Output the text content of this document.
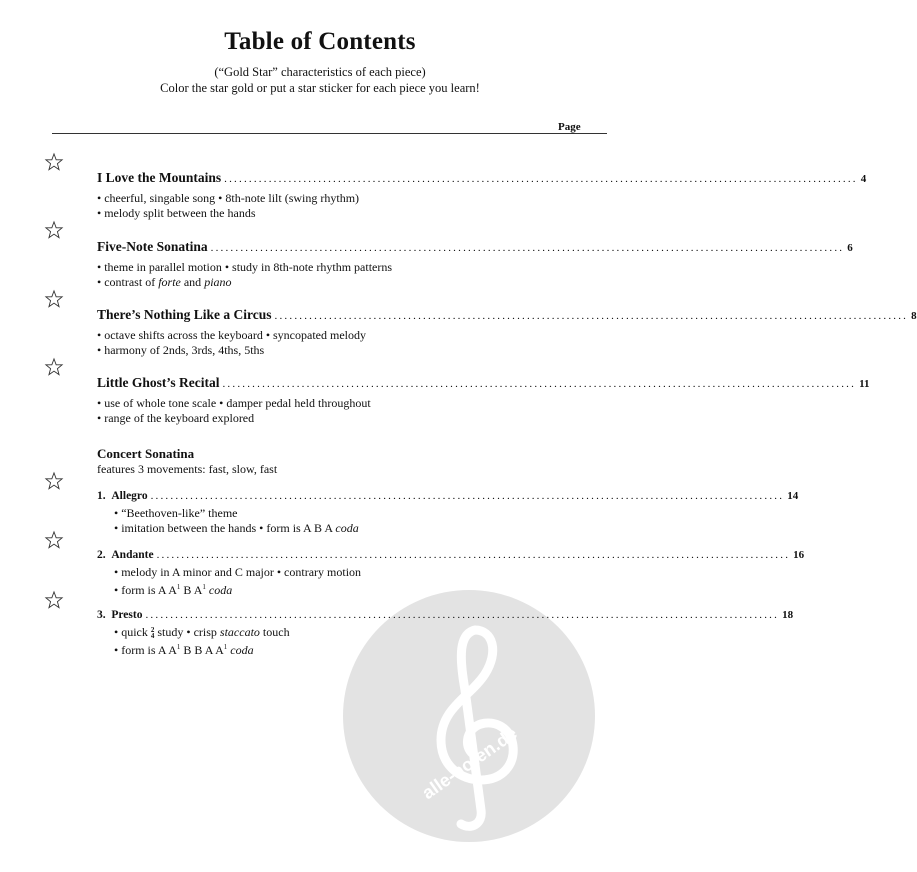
Table of Contents
(“Gold Star” characteristics of each piece)
Color the star gold or put a star sticker for each piece you learn!
Page
alle-noten.de
I Love the Mountains ................................................................................................................................ 4
• cheerful, singable song • 8th-note lilt (swing rhythm)
• melody split between the hands
Five-Note Sonatina ................................................................................................................................ 6
• theme in parallel motion • study in 8th-note rhythm patterns
• contrast of forte and piano
There’s Nothing Like a Circus ................................................................................................................................ 8
• octave shifts across the keyboard • syncopated melody
• harmony of 2nds, 3rds, 4ths, 5ths
Little Ghost’s Recital ................................................................................................................................ 11
• use of whole tone scale • damper pedal held throughout
• range of the keyboard explored
Concert Sonatina
features 3 movements: fast, slow, fast
1. Allegro ................................................................................................................................ 14
• “Beethoven-like” theme
• imitation between the hands • form is A B A coda
2. Andante ................................................................................................................................ 16
• melody in A minor and C major • contrary motion
• form is A $A^1$ B $A^1$ coda
3. Presto ................................................................................................................................ 18
• quick 2
4 study • crisp staccato touch
• form is A $A^1$ B B A $A^1$ coda
